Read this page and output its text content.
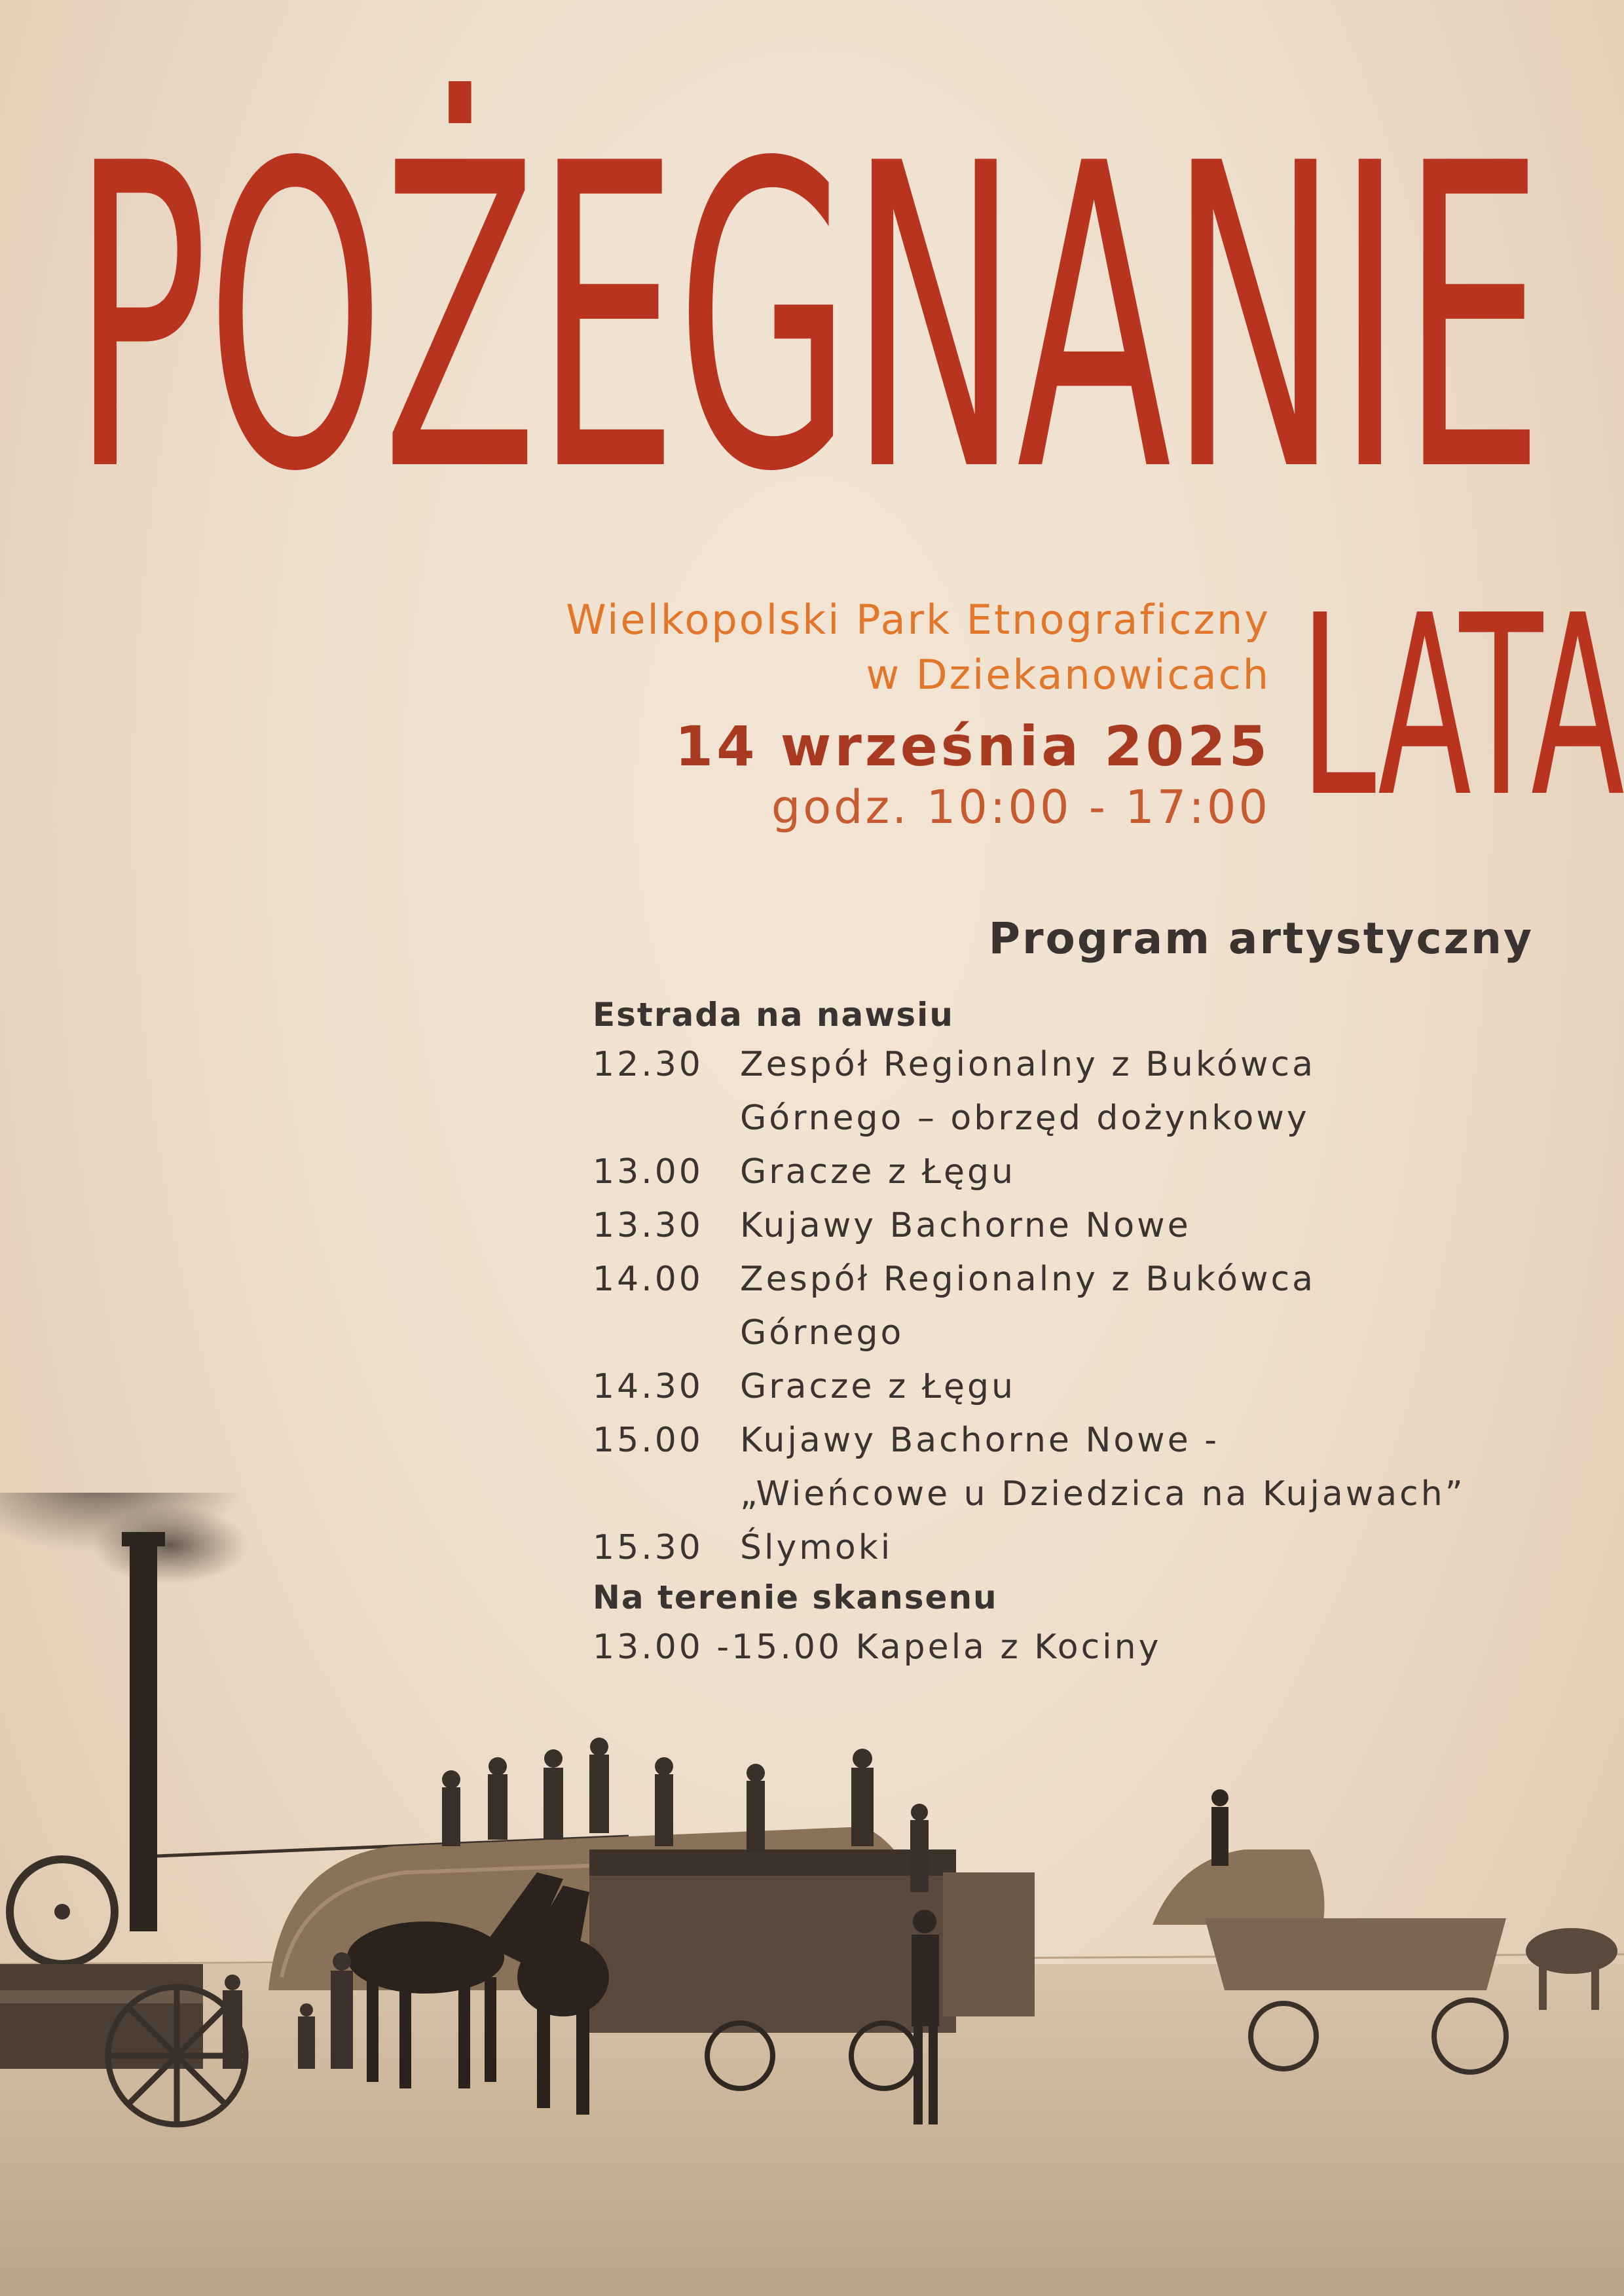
POŻEGNANIE
LATA
Wielkopolski Park Etnograficzny
w Dziekanowicach
14 września 2025
godz. 10:00 - 17:00
Program artystyczny
Estrada na nawsiu
12.30	Zespół Regionalny z Bukówca
Górnego – obrzęd dożynkowy
13.00	Gracze z Łęgu
13.30	Kujawy Bachorne Nowe
14.00	Zespół Regionalny z Bukówca
Górnego
14.30	Gracze z Łęgu
15.00	Kujawy Bachorne Nowe -
„Wieńcowe u Dziedzica na Kujawach”
15.30	Ślymoki
Na terenie skansenu
13.00 -15.00 Kapela z Kociny
